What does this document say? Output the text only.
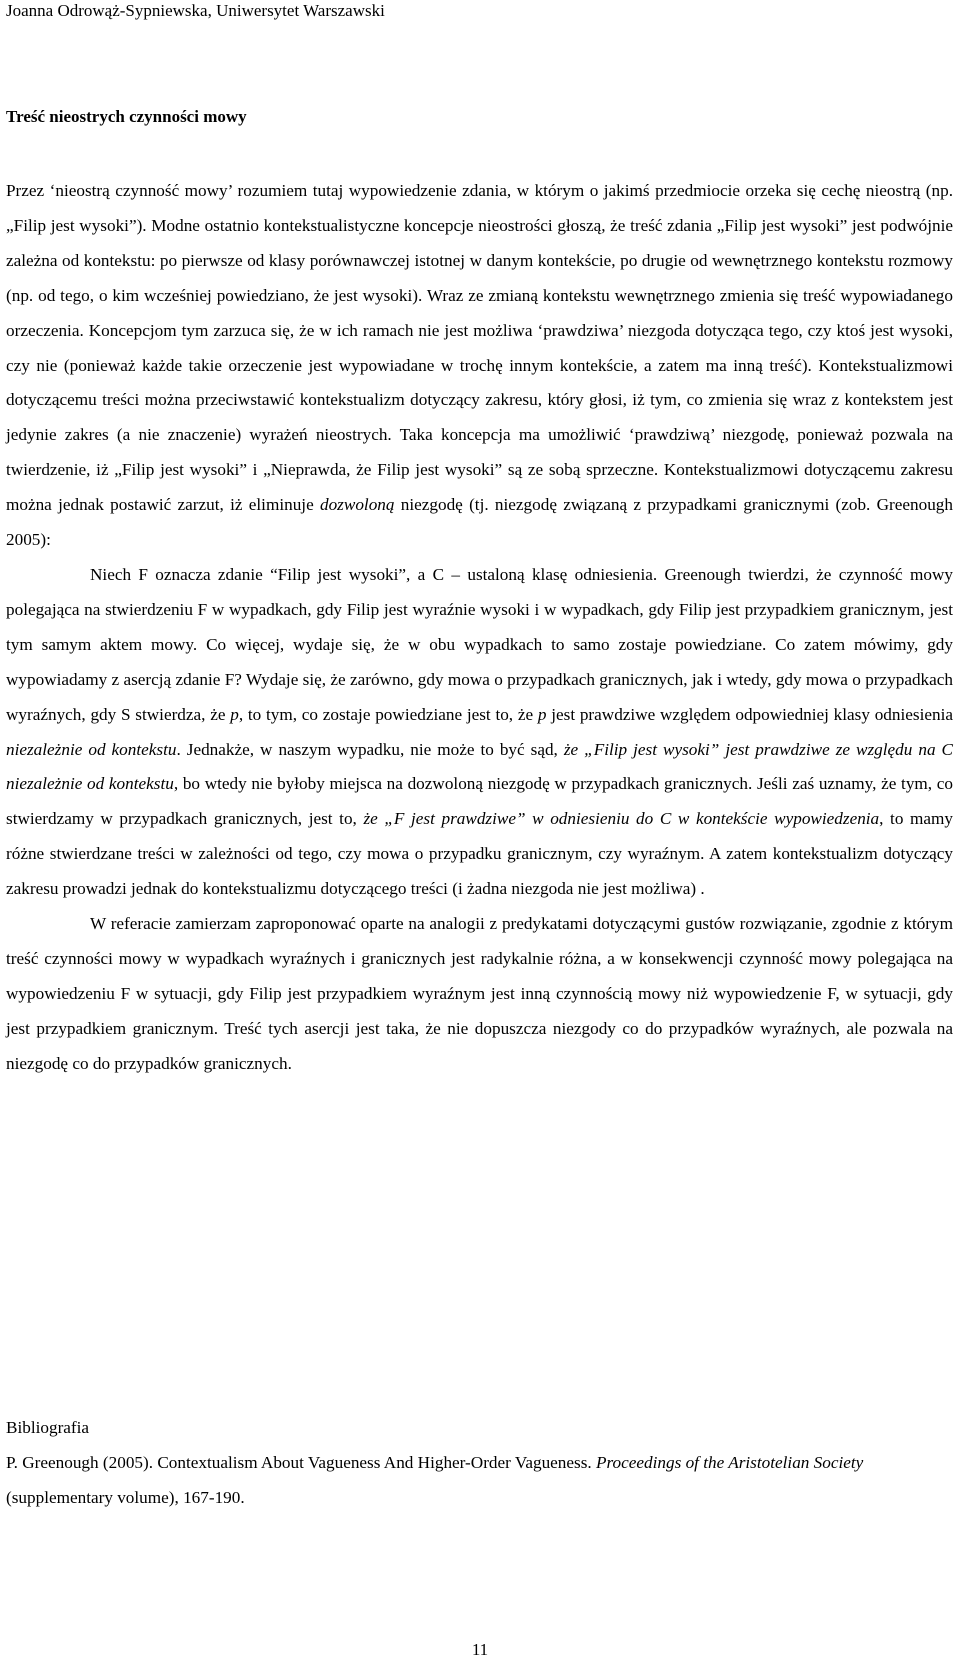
Joanna Odrowąż-Sypniewska, Uniwersytet Warszawski
Treść nieostrych czynności mowy

Przez ‘nieostrą czynność mowy’ rozumiem tutaj wypowiedzenie zdania, w którym o jakimś przedmiocie orzeka się cechę nieostrą (np. „Filip jest wysoki”). Modne ostatnio kontekstualistyczne koncepcje nieostrości głoszą, że treść zdania „Filip jest wysoki” jest podwójnie zależna od kontekstu: po pierwsze od klasy porównawczej istotnej w danym kontekście, po drugie od wewnętrznego kontekstu rozmowy (np. od tego, o kim wcześniej powiedziano, że jest wysoki). Wraz ze zmianą kontekstu wewnętrznego zmienia się treść wypowiadanego orzeczenia. Koncepcjom tym zarzuca się, że w ich ramach nie jest możliwa ‘prawdziwa’ niezgoda dotycząca tego, czy ktoś jest wysoki, czy nie (ponieważ każde takie orzeczenie jest wypowiadane w trochę innym kontekście, a zatem ma inną treść). Kontekstualizmowi dotyczącemu treści można przeciwstawić kontekstualizm dotyczący zakresu, który głosi, iż tym, co zmienia się wraz z kontekstem jest jedynie zakres (a nie znaczenie) wyrażeń nieostrych. Taka koncepcja ma umożliwić ‘prawdziwą’ niezgodę, ponieważ pozwala na twierdzenie, iż „Filip jest wysoki” i „Nieprawda, że Filip jest wysoki” są ze sobą sprzeczne. Kontekstualizmowi dotyczącemu zakresu można jednak postawić zarzut, iż eliminuje dozwoloną niezgodę (tj. niezgodę związaną z przypadkami granicznymi (zob. Greenough 2005):

Niech F oznacza zdanie “Filip jest wysoki”, a C – ustaloną klasę odniesienia. Greenough twierdzi, że czynność mowy polegająca na stwierdzeniu F w wypadkach, gdy Filip jest wyraźnie wysoki i w wypadkach, gdy Filip jest przypadkiem granicznym, jest tym samym aktem mowy. Co więcej, wydaje się, że w obu wypadkach to samo zostaje powiedziane. Co zatem mówimy, gdy wypowiadamy z asercją zdanie F? Wydaje się, że zarówno, gdy mowa o przypadkach granicznych, jak i wtedy, gdy mowa o przypadkach wyraźnych, gdy S stwierdza, że p, to tym, co zostaje powiedziane jest to, że p jest prawdziwe względem odpowiedniej klasy odniesienia niezależnie od kontekstu. Jednakże, w naszym wypadku, nie może to być sąd, że „Filip jest wysoki” jest prawdziwe ze względu na C niezależnie od kontekstu, bo wtedy nie byłoby miejsca na dozwoloną niezgodę w przypadkach granicznych. Jeśli zaś uznamy, że tym, co stwierdzamy w przypadkach granicznych, jest to, że „F jest prawdziwe” w odniesieniu do C w kontekście wypowiedzenia, to mamy różne stwierdzane treści w zależności od tego, czy mowa o przypadku granicznym, czy wyraźnym. A zatem kontekstualizm dotyczący zakresu prowadzi jednak do kontekstualizmu dotyczącego treści (i żadna niezgoda nie jest możliwa) .

W referacie zamierzam zaproponować oparte na analogii z predykatami dotyczącymi gustów rozwiązanie, zgodnie z którym treść czynności mowy w wypadkach wyraźnych i granicznych jest radykalnie różna, a w konsekwencji czynność mowy polegająca na wypowiedzeniu F w sytuacji, gdy Filip jest przypadkiem wyraźnym jest inną czynnością mowy niż wypowiedzenie F, w sytuacji, gdy jest przypadkiem granicznym. Treść tych asercji jest taka, że nie dopuszcza niezgody co do przypadków wyraźnych, ale pozwala na niezgodę co do przypadków granicznych.

Bibliografia

P. Greenough (2005). Contextualism About Vagueness And Higher-Order Vagueness. Proceedings of the Aristotelian Society (supplementary volume), 167-190.

11
